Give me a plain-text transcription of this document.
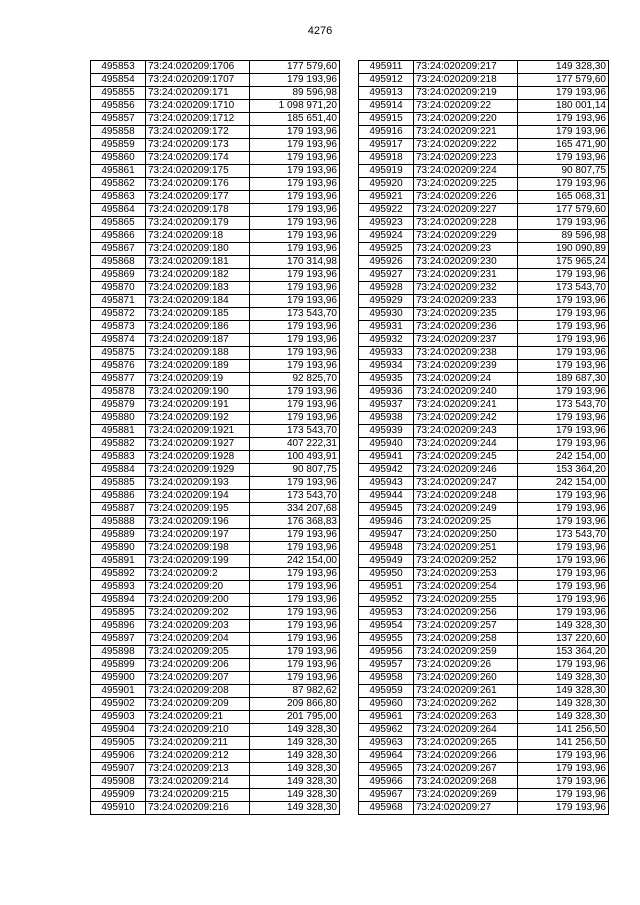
4276
495853	73:24:020209:1706	177 579,60
495854	73:24:020209:1707	179 193,96
495855	73:24:020209:171	89 596,98
495856	73:24:020209:1710	1 098 971,20
495857	73:24:020209:1712	185 651,40
495858	73:24:020209:172	179 193,96
495859	73:24:020209:173	179 193,96
495860	73:24:020209:174	179 193,96
495861	73:24:020209:175	179 193,96
495862	73:24:020209:176	179 193,96
495863	73:24:020209:177	179 193,96
495864	73:24:020209:178	179 193,96
495865	73:24:020209:179	179 193,96
495866	73:24:020209:18	179 193,96
495867	73:24:020209:180	179 193,96
495868	73:24:020209:181	170 314,98
495869	73:24:020209:182	179 193,96
495870	73:24:020209:183	179 193,96
495871	73:24:020209:184	179 193,96
495872	73:24:020209:185	173 543,70
495873	73:24:020209:186	179 193,96
495874	73:24:020209:187	179 193,96
495875	73:24:020209:188	179 193,96
495876	73:24:020209:189	179 193,96
495877	73:24:020209:19	92 825,70
495878	73:24:020209:190	179 193,96
495879	73:24:020209:191	179 193,96
495880	73:24:020209:192	179 193,96
495881	73:24:020209:1921	173 543,70
495882	73:24:020209:1927	407 222,31
495883	73:24:020209:1928	100 493,91
495884	73:24:020209:1929	90 807,75
495885	73:24:020209:193	179 193,96
495886	73:24:020209:194	173 543,70
495887	73:24:020209:195	334 207,68
495888	73:24:020209:196	176 368,83
495889	73:24:020209:197	179 193,96
495890	73:24:020209:198	179 193,96
495891	73:24:020209:199	242 154,00
495892	73:24:020209:2	179 193,96
495893	73:24:020209:20	179 193,96
495894	73:24:020209:200	179 193,96
495895	73:24:020209:202	179 193,96
495896	73:24:020209:203	179 193,96
495897	73:24:020209:204	179 193,96
495898	73:24:020209:205	179 193,96
495899	73:24:020209:206	179 193,96
495900	73:24:020209:207	179 193,96
495901	73:24:020209:208	87 982,62
495902	73:24:020209:209	209 866,80
495903	73:24:020209:21	201 795,00
495904	73:24:020209:210	149 328,30
495905	73:24:020209:211	149 328,30
495906	73:24:020209:212	149 328,30
495907	73:24:020209:213	149 328,30
495908	73:24:020209:214	149 328,30
495909	73:24:020209:215	149 328,30
495910	73:24:020209:216	149 328,30
495911	73:24:020209:217	149 328,30
495912	73:24:020209:218	177 579,60
495913	73:24:020209:219	179 193,96
495914	73:24:020209:22	180 001,14
495915	73:24:020209:220	179 193,96
495916	73:24:020209:221	179 193,96
495917	73:24:020209:222	165 471,90
495918	73:24:020209:223	179 193,96
495919	73:24:020209:224	90 807,75
495920	73:24:020209:225	179 193,96
495921	73:24:020209:226	165 068,31
495922	73:24:020209:227	177 579,60
495923	73:24:020209:228	179 193,96
495924	73:24:020209:229	89 596,98
495925	73:24:020209:23	190 090,89
495926	73:24:020209:230	175 965,24
495927	73:24:020209:231	179 193,96
495928	73:24:020209:232	173 543,70
495929	73:24:020209:233	179 193,96
495930	73:24:020209:235	179 193,96
495931	73:24:020209:236	179 193,96
495932	73:24:020209:237	179 193,96
495933	73:24:020209:238	179 193,96
495934	73:24:020209:239	179 193,96
495935	73:24:020209:24	189 687,30
495936	73:24:020209:240	179 193,96
495937	73:24:020209:241	173 543,70
495938	73:24:020209:242	179 193,96
495939	73:24:020209:243	179 193,96
495940	73:24:020209:244	179 193,96
495941	73:24:020209:245	242 154,00
495942	73:24:020209:246	153 364,20
495943	73:24:020209:247	242 154,00
495944	73:24:020209:248	179 193,96
495945	73:24:020209:249	179 193,96
495946	73:24:020209:25	179 193,96
495947	73:24:020209:250	173 543,70
495948	73:24:020209:251	179 193,96
495949	73:24:020209:252	179 193,96
495950	73:24:020209:253	179 193,96
495951	73:24:020209:254	179 193,96
495952	73:24:020209:255	179 193,96
495953	73:24:020209:256	179 193,96
495954	73:24:020209:257	149 328,30
495955	73:24:020209:258	137 220,60
495956	73:24:020209:259	153 364,20
495957	73:24:020209:26	179 193,96
495958	73:24:020209:260	149 328,30
495959	73:24:020209:261	149 328,30
495960	73:24:020209:262	149 328,30
495961	73:24:020209:263	149 328,30
495962	73:24:020209:264	141 256,50
495963	73:24:020209:265	141 256,50
495964	73:24:020209:266	179 193,96
495965	73:24:020209:267	179 193,96
495966	73:24:020209:268	179 193,96
495967	73:24:020209:269	179 193,96
495968	73:24:020209:27	179 193,96
